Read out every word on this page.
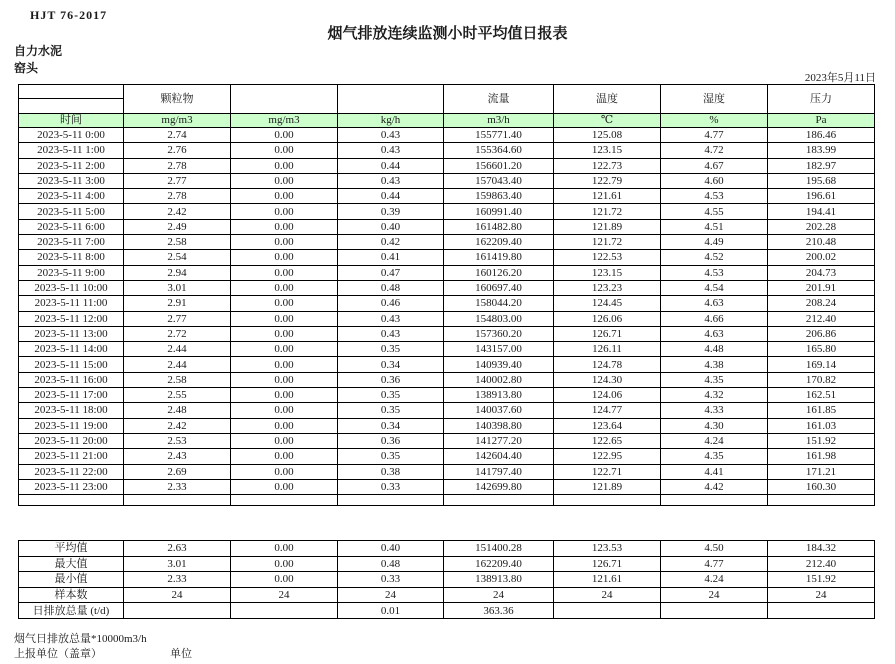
HJT 76-2017
烟气排放连续监测小时平均值日报表
自力水泥
窑头
2023年5月11日
	颗粒物			流量	温度	湿度	压力
时间	mg/m3	mg/m3	kg/h	m3/h	℃	%	Pa
2023-5-11 0:00	2.74	0.00	0.43	155771.40	125.08	4.77	186.46
2023-5-11 1:00	2.76	0.00	0.43	155364.60	123.15	4.72	183.99
2023-5-11 2:00	2.78	0.00	0.44	156601.20	122.73	4.67	182.97
2023-5-11 3:00	2.77	0.00	0.43	157043.40	122.79	4.60	195.68
2023-5-11 4:00	2.78	0.00	0.44	159863.40	121.61	4.53	196.61
2023-5-11 5:00	2.42	0.00	0.39	160991.40	121.72	4.55	194.41
2023-5-11 6:00	2.49	0.00	0.40	161482.80	121.89	4.51	202.28
2023-5-11 7:00	2.58	0.00	0.42	162209.40	121.72	4.49	210.48
2023-5-11 8:00	2.54	0.00	0.41	161419.80	122.53	4.52	200.02
2023-5-11 9:00	2.94	0.00	0.47	160126.20	123.15	4.53	204.73
2023-5-11 10:00	3.01	0.00	0.48	160697.40	123.23	4.54	201.91
2023-5-11 11:00	2.91	0.00	0.46	158044.20	124.45	4.63	208.24
2023-5-11 12:00	2.77	0.00	0.43	154803.00	126.06	4.66	212.40
2023-5-11 13:00	2.72	0.00	0.43	157360.20	126.71	4.63	206.86
2023-5-11 14:00	2.44	0.00	0.35	143157.00	126.11	4.48	165.80
2023-5-11 15:00	2.44	0.00	0.34	140939.40	124.78	4.38	169.14
2023-5-11 16:00	2.58	0.00	0.36	140002.80	124.30	4.35	170.82
2023-5-11 17:00	2.55	0.00	0.35	138913.80	124.06	4.32	162.51
2023-5-11 18:00	2.48	0.00	0.35	140037.60	124.77	4.33	161.85
2023-5-11 19:00	2.42	0.00	0.34	140398.80	123.64	4.30	161.03
2023-5-11 20:00	2.53	0.00	0.36	141277.20	122.65	4.24	151.92
2023-5-11 21:00	2.43	0.00	0.35	142604.40	122.95	4.35	161.98
2023-5-11 22:00	2.69	0.00	0.38	141797.40	122.71	4.41	171.21
2023-5-11 23:00	2.33	0.00	0.33	142699.80	121.89	4.42	160.30

平均值	2.63	0.00	0.40	151400.28	123.53	4.50	184.32
最大值	3.01	0.00	0.48	162209.40	126.71	4.77	212.40
最小值	2.33	0.00	0.33	138913.80	121.61	4.24	151.92
样本数	24	24	24	24	24	24	24
日排放总量 (t/d)			0.01	363.36			
烟气日排放总量*10000m3/h
上报单位（盖章）	单位
